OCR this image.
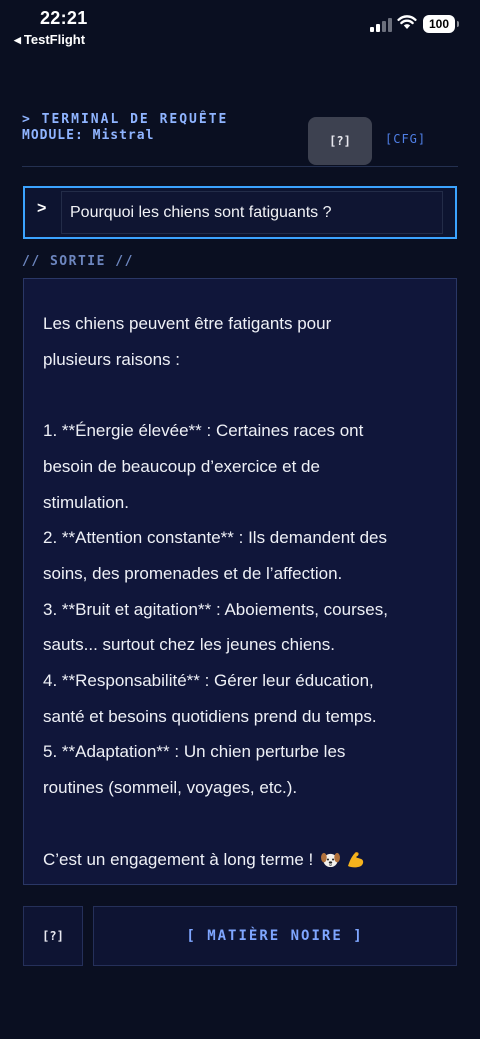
22:21
◀ TestFlight
100
> TERMINAL DE REQUÊTE
MODULE: Mistral	[?]	[CFG]
>	Pourquoi les chiens sont fatiguants ?
// SORTIE //
Les chiens peuvent être fatigants pour
plusieurs raisons :
1. **Énergie élevée** : Certaines races ont
besoin de beaucoup d’exercice et de
stimulation.
2. **Attention constante** : Ils demandent des
soins, des promenades et de l’affection.
3. **Bruit et agitation** : Aboiements, courses,
sauts... surtout chez les jeunes chiens.
4. **Responsabilité** : Gérer leur éducation,
santé et besoins quotidiens prend du temps.
5. **Adaptation** : Un chien perturbe les
routines (sommeil, voyages, etc.).
C’est un engagement à long terme !
[?]	[ MATIÈRE NOIRE ]
